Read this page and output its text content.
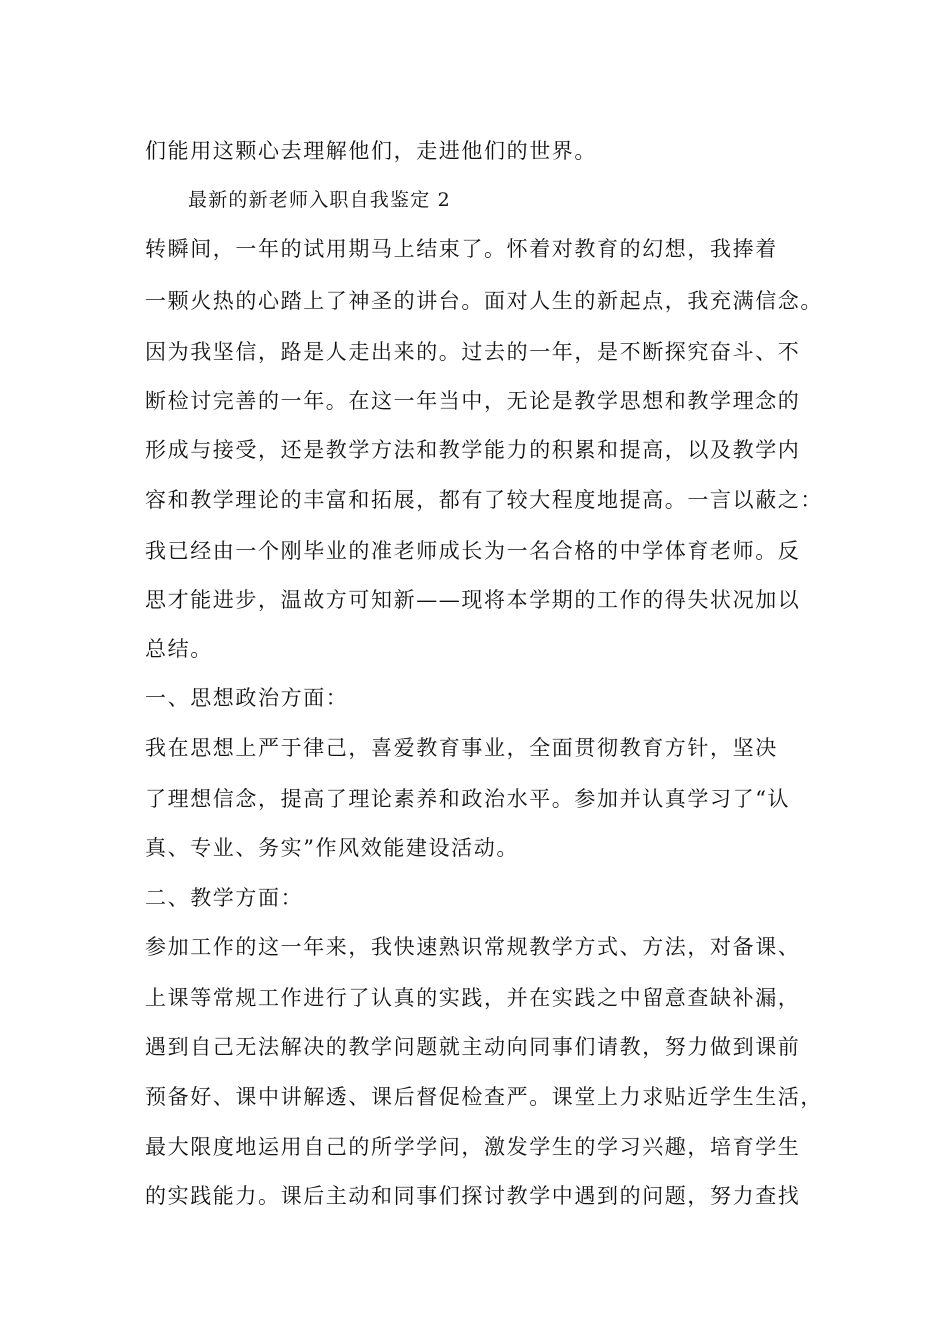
们能用这颗心去理解他们，走进他们的世界。
最新的新老师入职自我鉴定 2
转瞬间，一年的试用期马上结束了。怀着对教育的幻想，我捧着
一颗火热的心踏上了神圣的讲台。面对人生的新起点，我充满信念。
因为我坚信，路是人走出来的。过去的一年，是不断探究奋斗、不
断检讨完善的一年。在这一年当中，无论是教学思想和教学理念的
形成与接受，还是教学方法和教学能力的积累和提高，以及教学内
容和教学理论的丰富和拓展，都有了较大程度地提高。一言以蔽之：
我已经由一个刚毕业的准老师成长为一名合格的中学体育老师。反
思才能进步，温故方可知新——现将本学期的工作的得失状况加以
总结。
一、思想政治方面：
我在思想上严于律己，喜爱教育事业，全面贯彻教育方针，坚决
了理想信念，提高了理论素养和政治水平。参加并认真学习了“认
真、专业、务实”作风效能建设活动。
二、教学方面：
参加工作的这一年来，我快速熟识常规教学方式、方法，对备课、
上课等常规工作进行了认真的实践，并在实践之中留意查缺补漏，
遇到自己无法解决的教学问题就主动向同事们请教，努力做到课前
预备好、课中讲解透、课后督促检查严。课堂上力求贴近学生生活，
最大限度地运用自己的所学学问，激发学生的学习兴趣，培育学生
的实践能力。课后主动和同事们探讨教学中遇到的问题，努力查找
